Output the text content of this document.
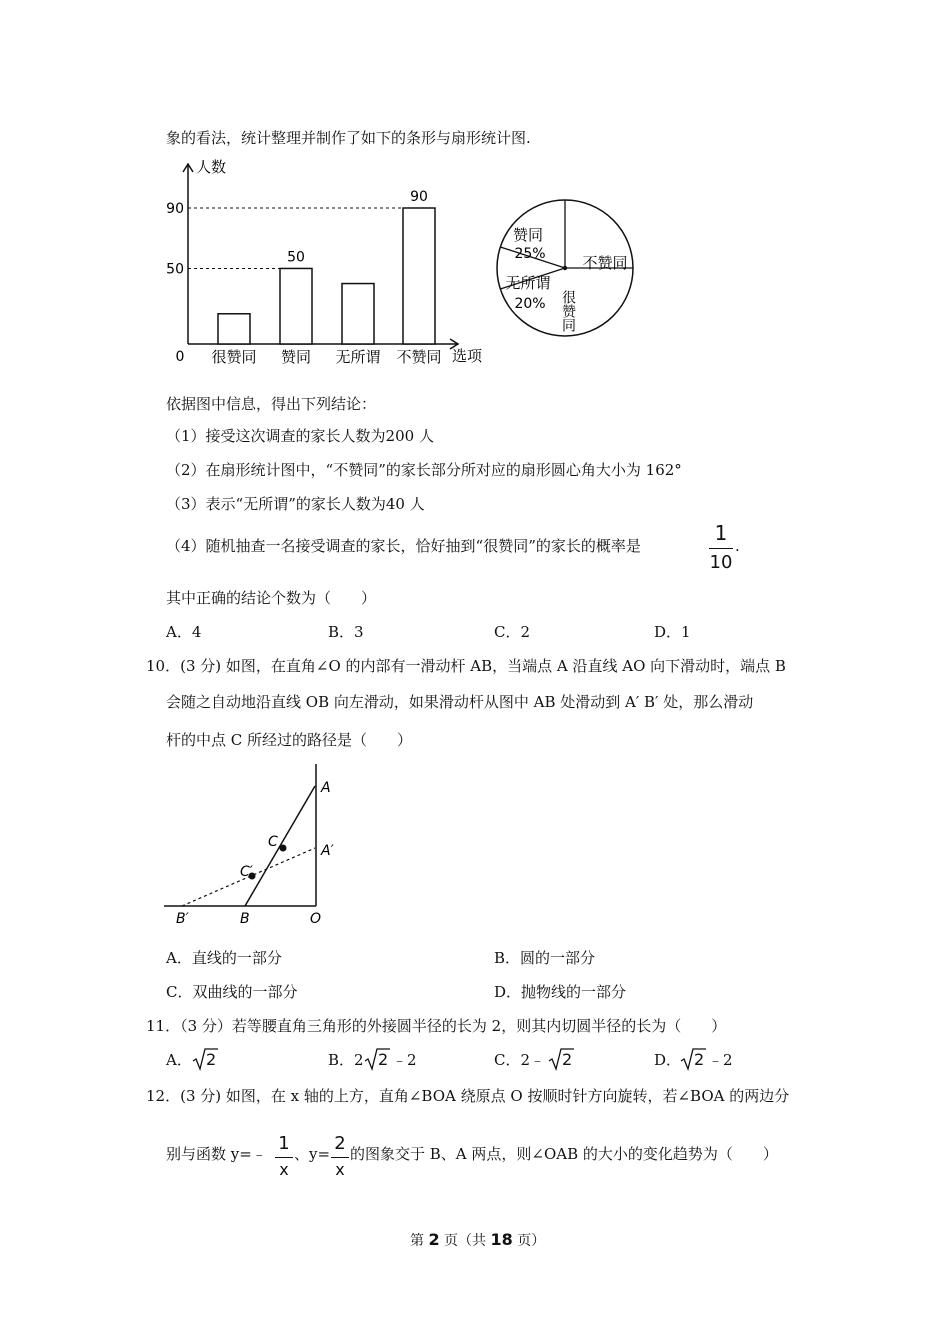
象的看法，统计整理并制作了如下的条形与扇形统计图.
人数
选项
0
90
50
很赞同 赞同
50
无所谓 不赞同
90
赞同
25%
无所谓
20%
不赞同
很赞同
依据图中信息，得出下列结论：
（1）接受这次调查的家长人数为200 人
（2）在扇形统计图中，“不赞同”的家长部分所对应的扇形圆心角大小为 162°
（3）表示“无所谓”的家长人数为40 人
（4）随机抽查一名接受调查的家长，恰好抽到“很赞同”的家长的概率是
1
10
.
其中正确的结论个数为（　　）
A．4	B．3	C．2	D．1
10．(3 分) 如图，在直角∠O 的内部有一滑动杆 AB，当端点 A 沿直线 AO 向下滑动时，端点 B
会随之自动地沿直线 OB 向左滑动，如果滑动杆从图中 AB 处滑动到 A′ B′ 处，那么滑动
杆的中点 C 所经过的路径是（　　）
A
A′
C
C′
B′	B	O
A．直线的一部分	B．圆的一部分
C．双曲线的一部分	D．抛物线的一部分
11．（3 分）若等腰直角三角形的外接圆半径的长为 2，则其内切圆半径的长为（　　）
A． 2	B．2 2 ﹣2	C．2﹣ 2	D． 2 ﹣2
12．(3 分) 如图，在 x 轴的上方，直角∠BOA 绕原点 O 按顺时针方向旋转，若∠BOA 的两边分
别与函数 y=﹣ 1
x
、y= 2
x
的图象交于 B、A 两点，则∠OAB 的大小的变化趋势为（　　）
第 2 页（共 18 页）
